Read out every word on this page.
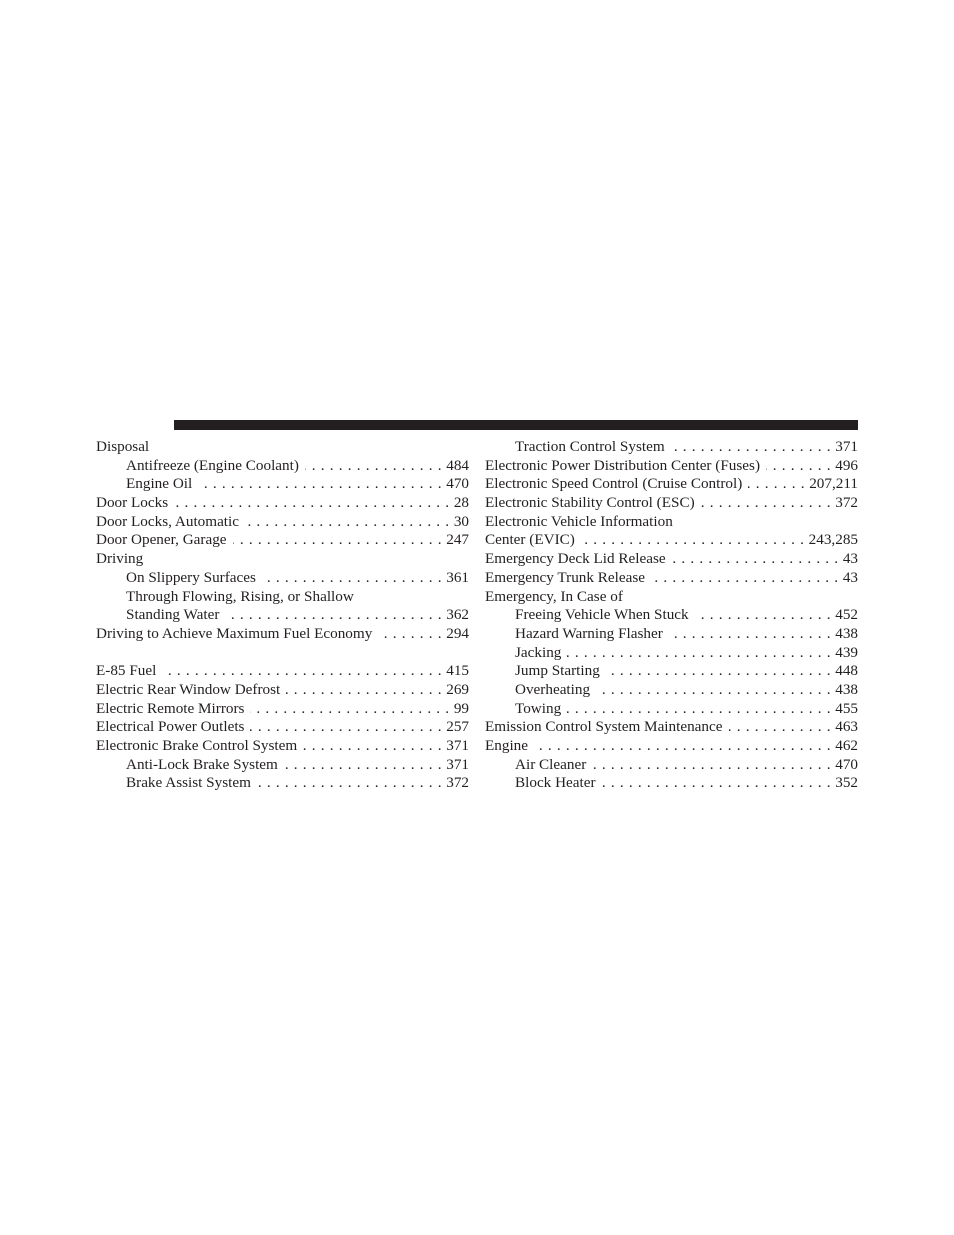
Disposal
Antifreeze (Engine Coolant) . . .	484
Engine Oil . . .	470
Door Locks . . .	28
Door Locks, Automatic . . .	30
Door Opener, Garage . . .	247
Driving
On Slippery Surfaces . . .	361
Through Flowing, Rising, or Shallow
Standing Water . . .	362
Driving to Achieve Maximum Fuel Economy . . .	294
E-85 Fuel . . .	415
Electric Rear Window Defrost . . .	269
Electric Remote Mirrors . . .	99
Electrical Power Outlets . . .	257
Electronic Brake Control System . . .	371
Anti-Lock Brake System . . .	371
Brake Assist System . . .	372
Traction Control System . . .	371
Electronic Power Distribution Center (Fuses) . . .	496
Electronic Speed Control (Cruise Control) . . .	207,211
Electronic Stability Control (ESC) . . .	372
Electronic Vehicle Information
Center (EVIC) . . .	243,285
Emergency Deck Lid Release . . .	43
Emergency Trunk Release . . .	43
Emergency, In Case of
Freeing Vehicle When Stuck . . .	452
Hazard Warning Flasher . . .	438
Jacking . . .	439
Jump Starting . . .	448
Overheating . . .	438
Towing . . .	455
Emission Control System Maintenance . . .	463
Engine . . .	462
Air Cleaner . . .	470
Block Heater . . .	352
